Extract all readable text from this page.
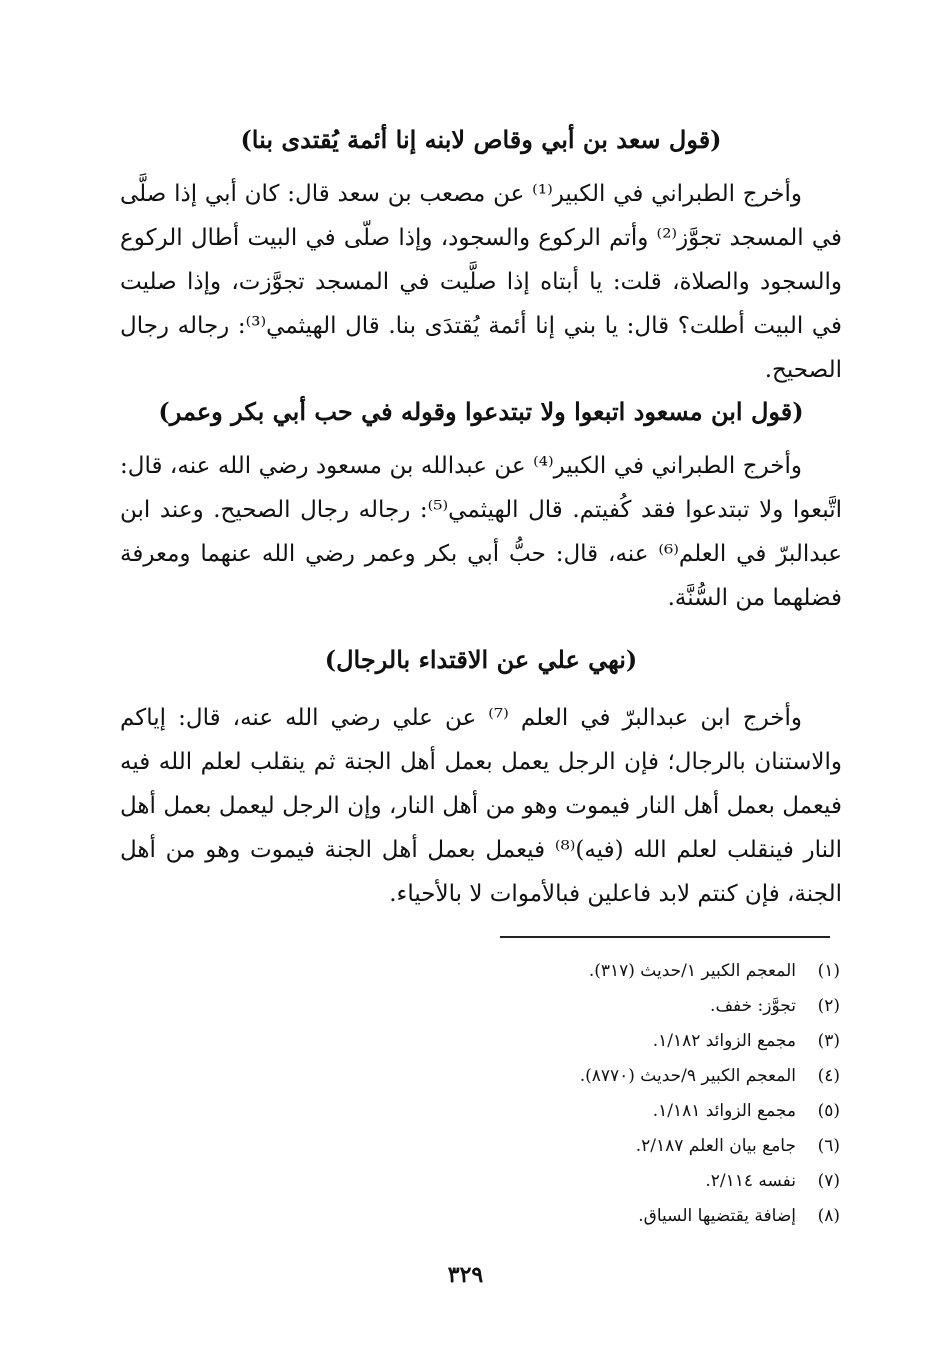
(قول سعد بن أبي وقاص لابنه إنا أئمة يُقتدى بنا)

وأخرج الطبراني في الكبير⁽¹⁾ عن مصعب بن سعد قال: كان أبي إذا صلَّى في المسجد تجوَّز⁽²⁾ وأتم الركوع والسجود، وإذا صلّى في البيت أطال الركوع والسجود والصلاة، قلت: يا أبتاه إذا صلَّيت في المسجد تجوَّزت، وإذا صليت في البيت أطلت؟ قال: يا بني إنا أئمة يُقتدَى بنا. قال الهيثمي⁽³⁾: رجاله رجال الصحيح.

(قول ابن مسعود اتبعوا ولا تبتدعوا وقوله في حب أبي بكر وعمر)

وأخرج الطبراني في الكبير⁽⁴⁾ عن عبدالله بن مسعود رضي الله عنه، قال: اتَّبعوا ولا تبتدعوا فقد كُفيتم. قال الهيثمي⁽⁵⁾: رجاله رجال الصحيح. وعند ابن عبدالبرّ في العلم⁽⁶⁾ عنه، قال: حبُّ أبي بكر وعمر رضي الله عنهما ومعرفة فضلهما من السُّنَّة.

(نهي علي عن الاقتداء بالرجال)

وأخرج ابن عبدالبرّ في العلم ⁽⁷⁾ عن علي رضي الله عنه، قال: إياكم والاستنان بالرجال؛ فإن الرجل يعمل بعمل أهل الجنة ثم ينقلب لعلم الله فيه فيعمل بعمل أهل النار فيموت وهو من أهل النار، وإن الرجل ليعمل بعمل أهل النار فينقلب لعلم الله (فيه)⁽⁸⁾ فيعمل بعمل أهل الجنة فيموت وهو من أهل الجنة، فإن كنتم لابد فاعلين فبالأموات لا بالأحياء.

(١)
المعجم الكبير ١/حديث (٣١٧).
(٢)
تجوَّز: خفف.
(٣)
مجمع الزوائد ١/١٨٢.
(٤)
المعجم الكبير ٩/حديث (٨٧٧٠).
(٥)
مجمع الزوائد ١/١٨١.
(٦)
جامع بيان العلم ٢/١٨٧.
(٧)
نفسه ٢/١١٤.
(٨)
إضافة يقتضيها السياق.
٣٢٩
